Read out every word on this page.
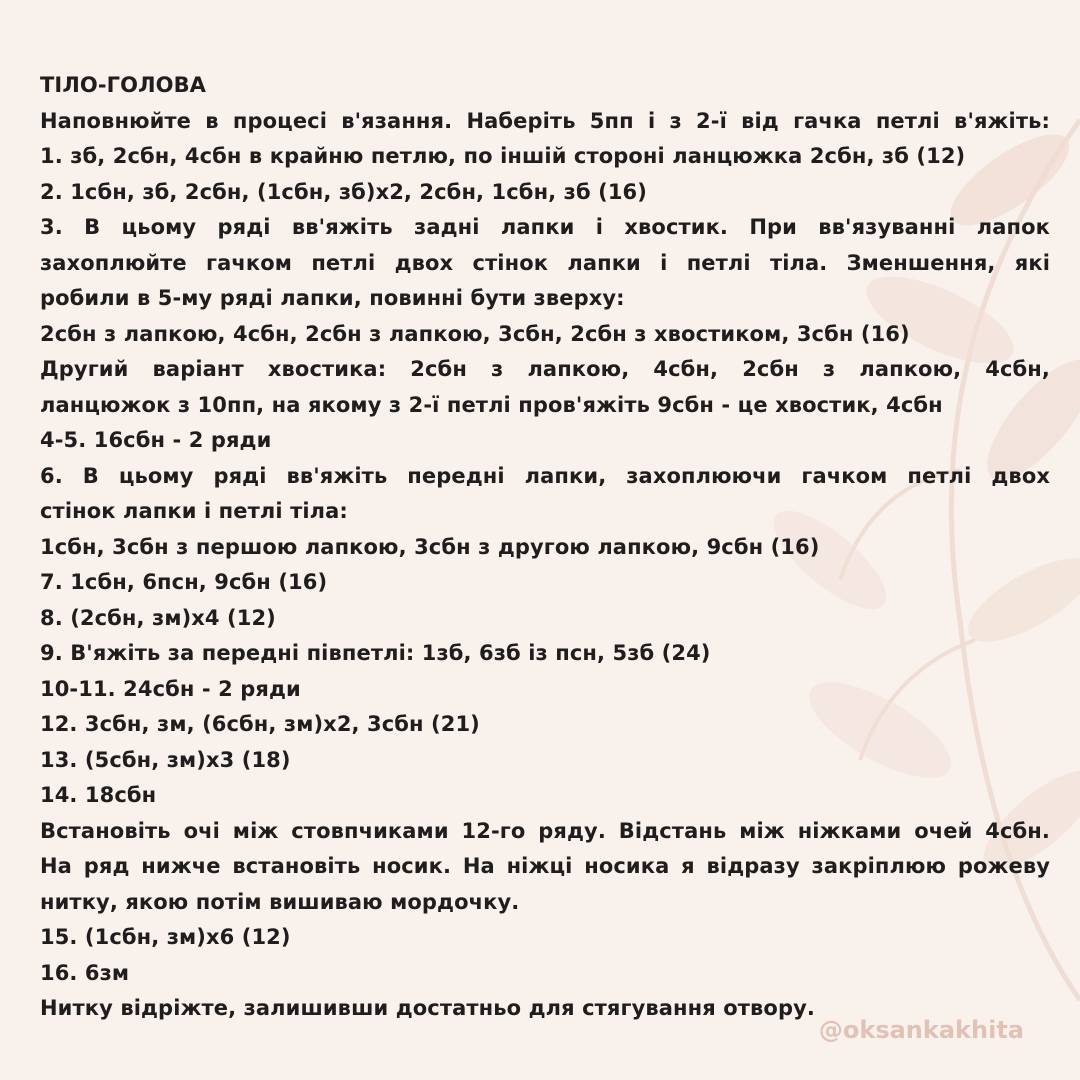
ТІЛО-ГОЛОВА
Наповнюйте в процесі в'язання. Наберіть 5пп і з 2-ї від гачка петлі в'яжіть:
1. зб, 2сбн, 4сбн в крайню петлю, по іншій стороні ланцюжка 2сбн, зб (12)
2. 1сбн, зб, 2сбн, (1сбн, зб)х2, 2сбн, 1сбн, зб (16)
3. В цьому ряді вв'яжіть задні лапки і хвостик. При вв'язуванні лапок
захоплюйте гачком петлі двох стінок лапки і петлі тіла. Зменшення, які
робили в 5-му ряді лапки, повинні бути зверху:
2сбн з лапкою, 4сбн, 2сбн з лапкою, 3сбн, 2сбн з хвостиком, 3сбн (16)
Другий варіант хвостика: 2сбн з лапкою, 4сбн, 2сбн з лапкою, 4сбн,
ланцюжок з 10пп, на якому з 2-ї петлі пров'яжіть 9сбн - це хвостик, 4сбн
4-5. 16сбн - 2 ряди
6. В цьому ряді вв'яжіть передні лапки, захоплюючи гачком петлі двох
стінок лапки і петлі тіла:
1сбн, 3сбн з першою лапкою, 3сбн з другою лапкою, 9сбн (16)
7. 1сбн, 6псн, 9сбн (16)
8. (2сбн, зм)х4 (12)
9. В'яжіть за передні півпетлі: 1зб, 6зб із псн, 5зб (24)
10-11. 24сбн - 2 ряди
12. 3сбн, зм, (6сбн, зм)х2, 3сбн (21)
13. (5сбн, зм)х3 (18)
14. 18сбн
Встановіть очі між стовпчиками 12-го ряду. Відстань між ніжками очей 4сбн.
На ряд нижче встановіть носик. На ніжці носика я відразу закріплюю рожеву
нитку, якою потім вишиваю мордочку.
15. (1сбн, зм)х6 (12)
16. 6зм
Нитку відріжте, залишивши достатньо для стягування отвору.
@oksankakhita
